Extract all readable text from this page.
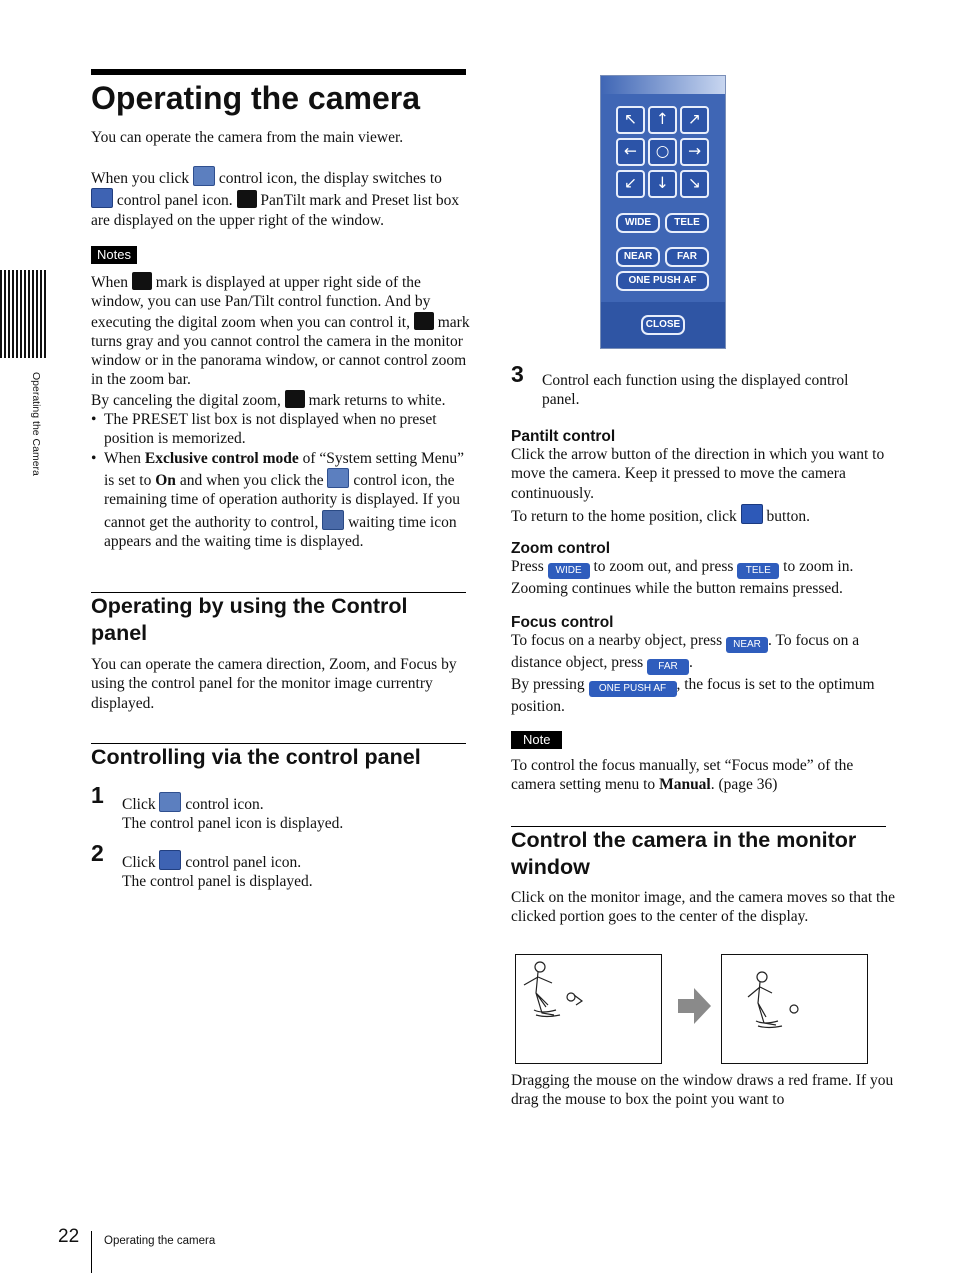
Operating the Camera
Operating the camera

You can operate the camera from the main viewer.

When you click  control icon, the display switches to
control panel icon.  PanTilt mark and Preset list box are displayed on the upper right of the window.

Notes

When  mark is displayed at upper right side of the window, you can use Pan/Tilt control function. And by executing the digital zoom when you can control it,  mark turns gray and you cannot control the camera in the monitor window or in the panorama window, or cannot control zoom in the zoom bar.

By canceling the digital zoom,  mark returns to white.

• The PRESET list box is not displayed when no preset position is memorized.
• When Exclusive control mode of “System setting Menu” is set to On and when you click the  control icon, the remaining time of operation authority is displayed. If you cannot get the authority to control,  waiting time icon appears and the waiting time is displayed.
Operating by using the Control panel

You can operate the camera direction, Zoom, and Focus by using the control panel for the monitor image currentry displayed.

Controlling via the control panel
1 Click  control icon.

The control panel icon is displayed.

2 Click  control panel icon.

The control panel is displayed.

↖	↑	↗
←	○	→
↙	↓	↘
WIDE	TELE
NEAR	FAR
ONE PUSH AF
CLOSE
3 Control each function using the displayed control panel.

Pantilt control

Click the arrow button of the direction in which you want to move the camera. Keep it pressed to move the camera continuously.

To return to the home position, click  button.

Zoom control

Press WIDE to zoom out, and press TELE to zoom in.

Zooming continues while the button remains pressed.

Focus control

To focus on a nearby object, press NEAR . To focus on a distance object, press FAR .

By pressing ONE PUSH AF , the focus is set to the optimum position.

Note

To control the focus manually, set “Focus mode” of the camera setting menu to Manual. (page 36)

Control the camera in the monitor window

Click on the monitor image, and the camera moves so that the clicked portion goes to the center of the display.

Dragging the mouse on the window draws a red frame. If you drag the mouse to box the point you want to

22 Operating the camera
